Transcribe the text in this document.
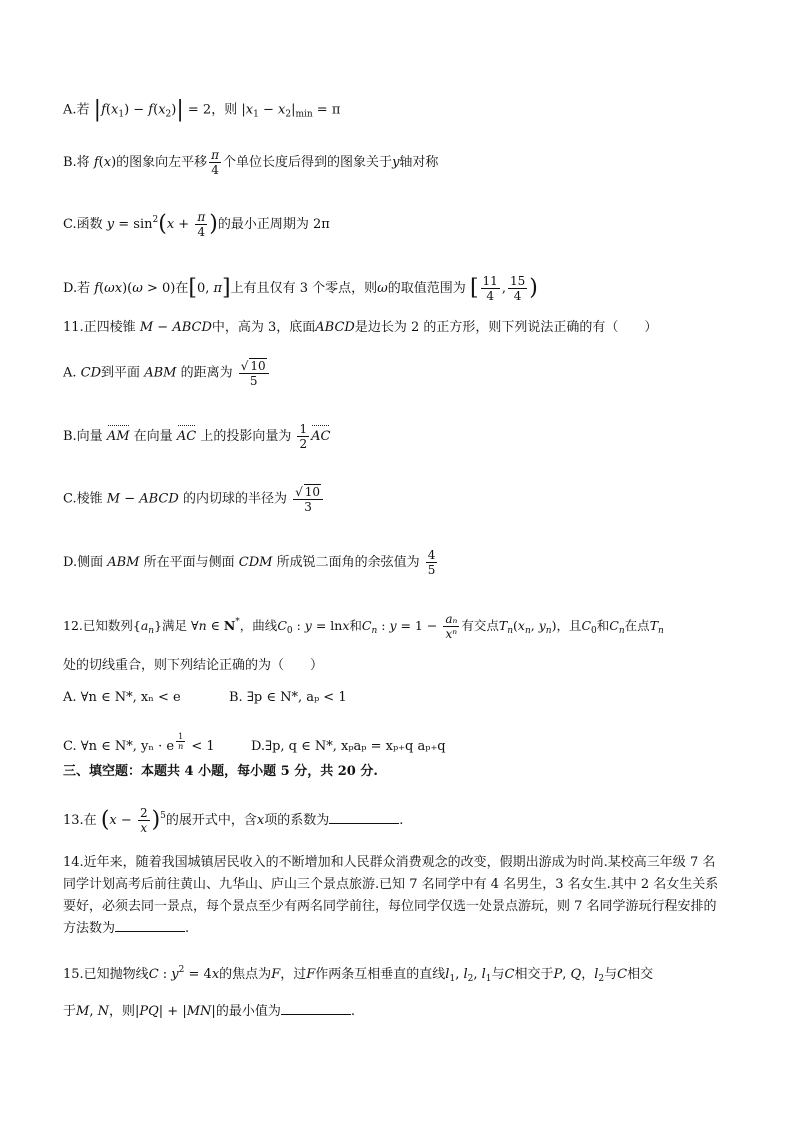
A.若 $|f(x_1) - f(x_2)| = 2$，则 $|x_1 - x_2|_{min} = \pi$
B.将 f(x)的图象向左平移 $\frac{\pi}{4}$ 个单位长度后得到的图象关于y轴对称
C.函数 $y = \sin^2(x + \frac{\pi}{4}$ )的最小正周期为 2π
D.若 f(ωx)(ω > 0)在[0, π]上有且仅有 3 个零点，则ω的取值范围为 [ $\frac{11}{4}$ , $\frac{15}{4}$ )
11.正四棱锥 M − ABCD中，高为 3，底面ABCD是边长为 2 的正方形，则下列说法正确的有（　　）
A. CD到平面 ABM 的距离为 $\frac{√ 10}{5}$
B.向量 AM 在向量 AC 上的投影向量为 $\frac{1}{2}$ AC
C.棱锥 M − ABCD 的内切球的半径为 $\frac{√ 10}{3}$
D.侧面 ABM 所在平面与侧面 CDM 所成锐二面角的余弦值为 $\frac{4}{5}$
12.已知数列$\{a_n\}$满足 ∀n ∈ N*，曲线$C_0$ : y = lnx和$C_n$ : $y = 1 - \frac{\text{aₙ}}{\text{xⁿ}}$ 有交点$T_n(x_n$, $y_n$)，且$C_0$和$C_n$在点$T_n$
处的切线重合，则下列结论正确的为（　　）
A. ∀n ∈ N*, xₙ < e	B. ∃p ∈ N*, aₚ < 1
C. ∀n ∈ N*, yₙ · e $^{\frac{1}{n}}$ < 1	D.∃p, q ∈ N*, xₚaₚ = xₚ₊q aₚ₊q
三、填空题：本题共 4 小题，每小题 5 分，共 20 分.
13.在 $(x - \frac{2}{x} )^5$的展开式中，含x项的系数为	.
14.近年来，随着我国城镇居民收入的不断增加和人民群众消费观念的改变，假期出游成为时尚.某校高三年级 7 名同学计划高考后前往黄山、九华山、庐山三个景点旅游.已知 7 名同学中有 4 名男生，3 名女生.其中 2 名女生关系要好，必须去同一景点，每个景点至少有两名同学前往，每位同学仅选一处景点游玩，则 7 名同学游玩行程安排的方法数为	.
15.已知抛物线C : $y^2 = 4x$的焦点为F，过F作两条互相垂直的直线$l_1$, $l_2$, $l_1$与C相交于P, Q，$l_2$与C相交
于M, N，则|PQ| + |MN|的最小值为	.
